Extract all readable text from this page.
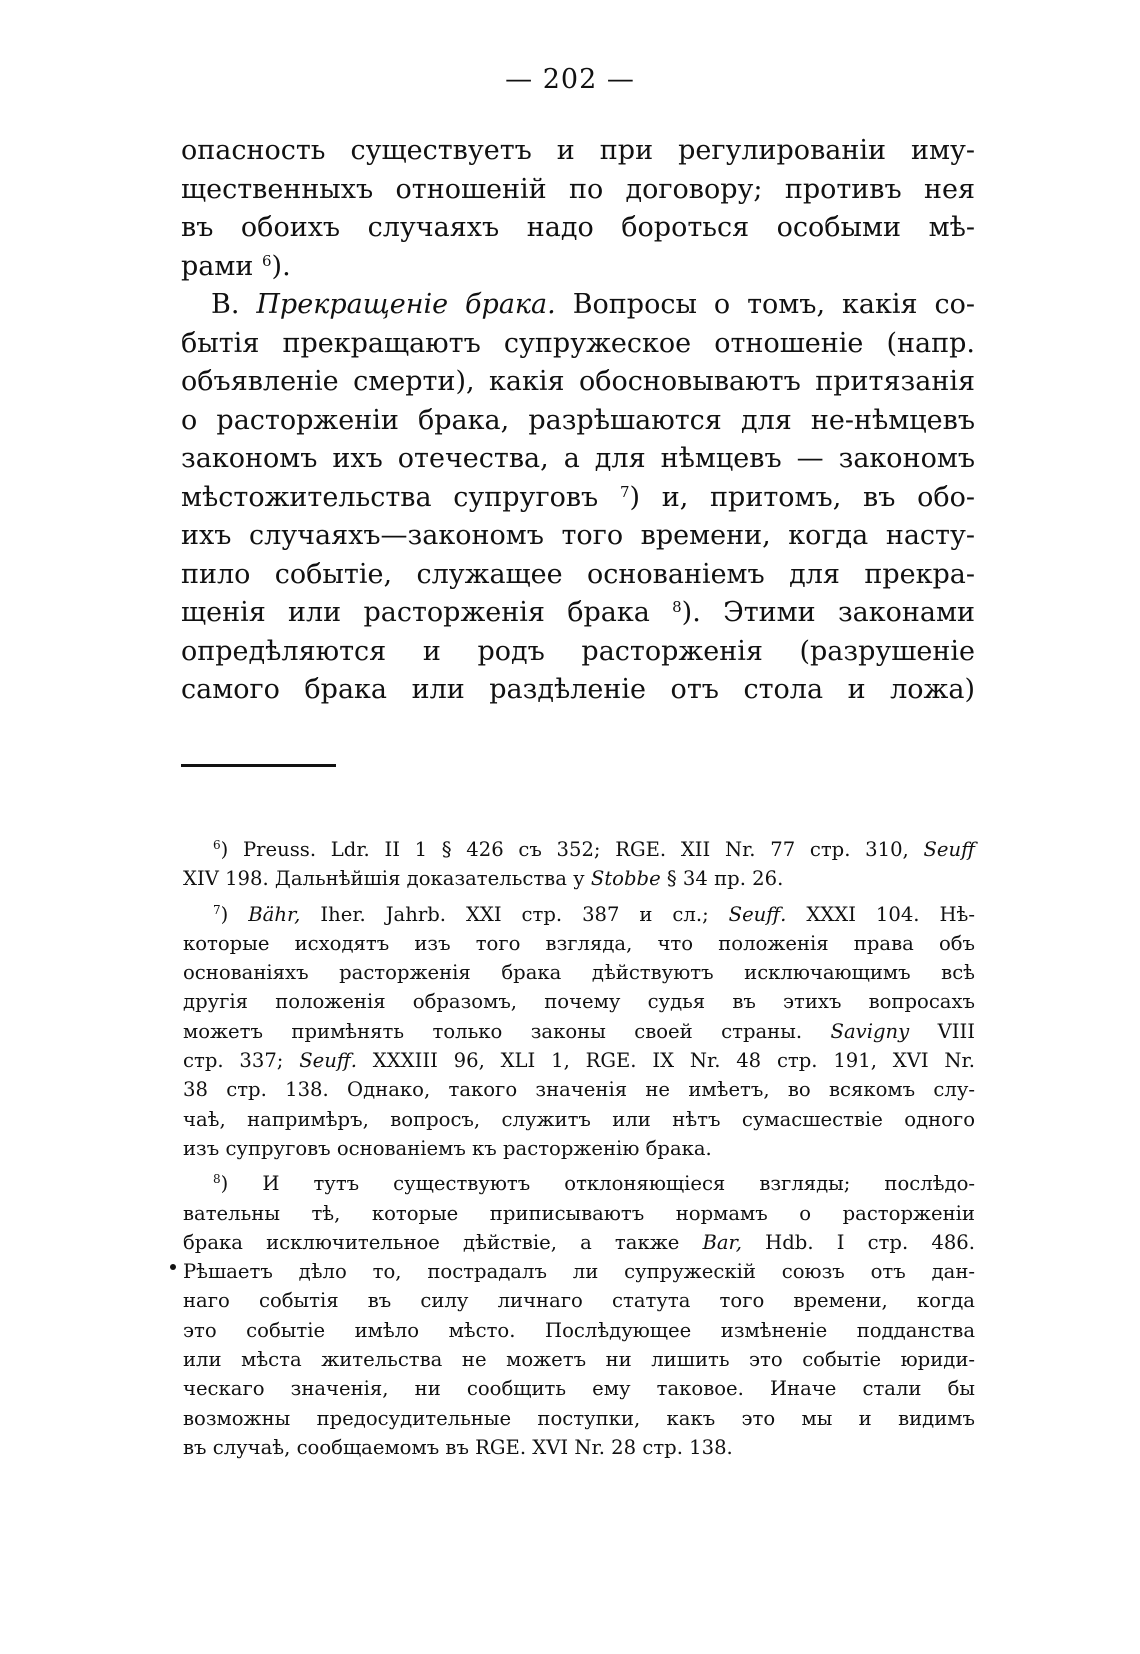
— 202 —
опасность существуетъ и при регулированіи иму-
щественныхъ отношеній по договору; противъ нея
въ обоихъ случаяхъ надо бороться особыми мѣ-
рами $^6$).
B. Прекращеніе брака. Вопросы о томъ, какія со-
бытія прекращаютъ супружеское отношеніе (напр.
объявленіе смерти), какія обосновываютъ притязанія
о расторженіи брака, разрѣшаются для не-нѣмцевъ
закономъ ихъ отечества, а для нѣмцевъ — закономъ
мѣстожительства супруговъ $^7$) и, притомъ, въ обо-
ихъ случаяхъ—закономъ того времени, когда насту-
пило событіе, служащее основаніемъ для прекра-
щенія или расторженія брака $^8$). Этими законами
опредѣляются и родъ расторженія (разрушеніе
самого брака или раздѣленіе отъ стола и ложа)
$^6$) Preuss. Ldr. II 1 § 426 съ 352; RGE. XII Nr. 77 стр. 310, Seuff
XIV 198. Дальнѣйшія доказательства у Stobbe § 34 пр. 26.
$^7$) Bähr, Iher. Jahrb. XXI стр. 387 и сл.; Seuff. XXXI 104. Нѣ-
которые исходятъ изъ того взгляда, что положенія права объ
основаніяхъ расторженія брака дѣйствуютъ исключающимъ всѣ
другія положенія образомъ, почему судья въ этихъ вопросахъ
можетъ примѣнять только законы своей страны. Savigny VIII
стр. 337; Seuff. XXXIII 96, XLI 1, RGE. IX Nr. 48 стр. 191, XVI Nr.
38 стр. 138. Однако, такого значенія не имѣетъ, во всякомъ слу-
чаѣ, напримѣръ, вопросъ, служитъ или нѣтъ сумасшествіе одного
изъ супруговъ основаніемъ къ расторженію брака.
$^8$) И тутъ существуютъ отклоняющіеся взгляды; послѣдо-
вательны тѣ, которые приписываютъ нормамъ о расторженіи
брака исключительное дѣйствіе, а также Bar, Hdb. I стр. 486.
Рѣшаетъ дѣло то, пострадалъ ли супружескій союзъ отъ дан-
наго событія въ силу личнаго статута того времени, когда
это событіе имѣло мѣсто. Послѣдующее измѣненіе подданства
или мѣста жительства не можетъ ни лишить это событіе юриди-
ческаго значенія, ни сообщить ему таковое. Иначе стали бы
возможны предосудительные поступки, какъ это мы и видимъ
въ случаѣ, сообщаемомъ въ RGE. XVI Nr. 28 стр. 138.
